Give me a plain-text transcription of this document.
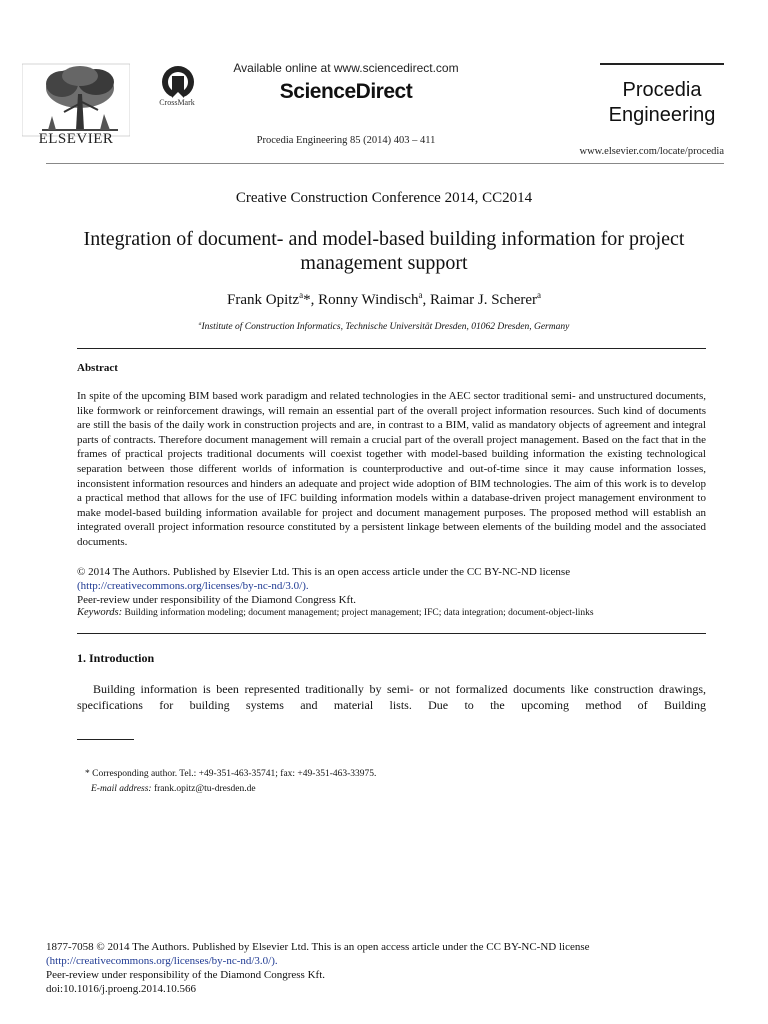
ELSEVIER
CrossMark
Available online at www.sciencedirect.com
ScienceDirect
Procedia Engineering 85 (2014) 403 – 411
Procedia
Engineering
www.elsevier.com/locate/procedia
Creative Construction Conference 2014, CC2014
Integration of document- and model-based building information for project management support
Frank Opitz$^a$*, Ronny Windisch$^a$, Raimar J. Scherer$^a$
$^a$Institute of Construction Informatics, Technische Universität Dresden, 01062 Dresden, Germany
Abstract
In spite of the upcoming BIM based work paradigm and related technologies in the AEC sector traditional semi- and unstructured documents, like formwork or reinforcement drawings, will remain an essential part of the overall project information resources. Such kind of documents are still the basis of the daily work in construction projects and are, in contrast to a BIM, valid as mandatory objects of agreement and integral parts of contracts. Therefore document management will remain a crucial part of the overall project management. Based on the fact that in the frames of practical projects traditional documents will coexist together with model-based building information the existing technological separation between those different worlds of information is counterproductive and out-of-time since it may cause information losses, inconsistent information resources and hinders an adequate and project wide adoption of BIM technologies. The aim of this work is to develop a practical method that allows for the use of IFC building information models within a database-driven project management environment to make model-based building information available for project and document management purposes. The proposed method will establish an integrated overall project information resource constituted by a persistent linkage between elements of the building model and the associated documents.
© 2014 The Authors. Published by Elsevier Ltd. This is an open access article under the CC BY-NC-ND license
(http://creativecommons.org/licenses/by-nc-nd/3.0/).
Peer-review under responsibility of the Diamond Congress Kft.
Keywords: Building information modeling; document management; project management; IFC; data integration; document-object-links
1. Introduction
Building information is been represented traditionally by semi- or not formalized documents like construction drawings, specifications for building systems and material lists. Due to the upcoming method of Building
* Corresponding author. Tel.: +49-351-463-35741; fax: +49-351-463-33975.
E-mail address: frank.opitz@tu-dresden.de
1877-7058 © 2014 The Authors. Published by Elsevier Ltd. This is an open access article under the CC BY-NC-ND license
(http://creativecommons.org/licenses/by-nc-nd/3.0/).
Peer-review under responsibility of the Diamond Congress Kft.
doi:10.1016/j.proeng.2014.10.566
